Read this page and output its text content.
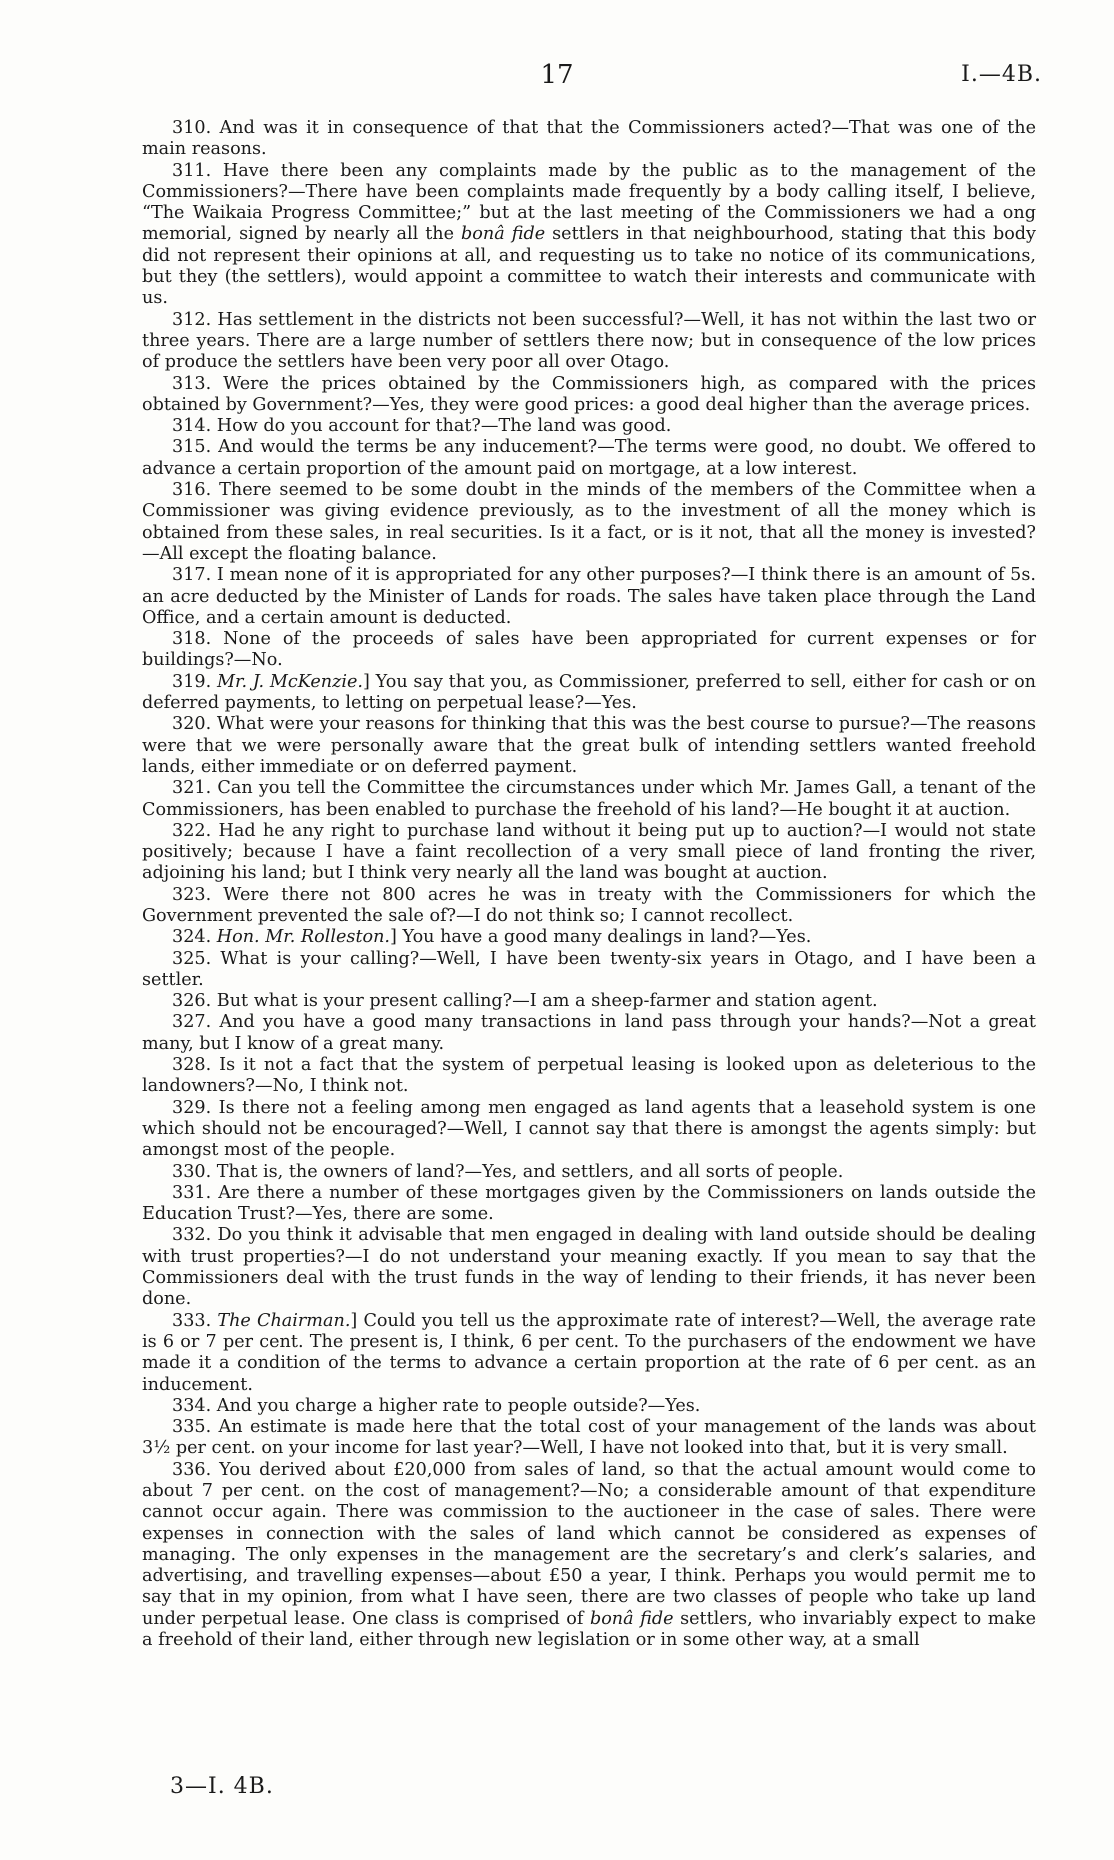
17	I.—4B.

310. And was it in consequence of that that the Commissioners acted?—That was one of the main reasons.

311. Have there been any complaints made by the public as to the management of the Commissioners?—There have been complaints made frequently by a body calling itself, I believe, “The Waikaia Progress Committee;” but at the last meeting of the Commissioners we had a ong memorial, signed by nearly all the bonâ fide settlers in that neighbourhood, stating that this body did not represent their opinions at all, and requesting us to take no notice of its communications, but they (the settlers), would appoint a committee to watch their interests and communicate with us.

312. Has settlement in the districts not been successful?—Well, it has not within the last two or three years. There are a large number of settlers there now; but in consequence of the low prices of produce the settlers have been very poor all over Otago.

313. Were the prices obtained by the Commissioners high, as compared with the prices obtained by Government?—Yes, they were good prices: a good deal higher than the average prices.

314. How do you account for that?—The land was good.

315. And would the terms be any inducement?—The terms were good, no doubt. We offered to advance a certain proportion of the amount paid on mortgage, at a low interest.

316. There seemed to be some doubt in the minds of the members of the Committee when a Commissioner was giving evidence previously, as to the investment of all the money which is obtained from these sales, in real securities. Is it a fact, or is it not, that all the money is invested?—All except the floating balance.

317. I mean none of it is appropriated for any other purposes?—I think there is an amount of 5s. an acre deducted by the Minister of Lands for roads. The sales have taken place through the Land Office, and a certain amount is deducted.

318. None of the proceeds of sales have been appropriated for current expenses or for buildings?—No.

319. Mr. J. McKenzie.] You say that you, as Commissioner, preferred to sell, either for cash or on deferred payments, to letting on perpetual lease?—Yes.

320. What were your reasons for thinking that this was the best course to pursue?—The reasons were that we were personally aware that the great bulk of intending settlers wanted freehold lands, either immediate or on deferred payment.

321. Can you tell the Committee the circumstances under which Mr. James Gall, a tenant of the Commissioners, has been enabled to purchase the freehold of his land?—He bought it at auction.

322. Had he any right to purchase land without it being put up to auction?—I would not state positively; because I have a faint recollection of a very small piece of land fronting the river, adjoining his land; but I think very nearly all the land was bought at auction.

323. Were there not 800 acres he was in treaty with the Commissioners for which the Government prevented the sale of?—I do not think so; I cannot recollect.

324. Hon. Mr. Rolleston.] You have a good many dealings in land?—Yes.

325. What is your calling?—Well, I have been twenty-six years in Otago, and I have been a settler.

326. But what is your present calling?—I am a sheep-farmer and station agent.

327. And you have a good many transactions in land pass through your hands?—Not a great many, but I know of a great many.

328. Is it not a fact that the system of perpetual leasing is looked upon as deleterious to the landowners?—No, I think not.

329. Is there not a feeling among men engaged as land agents that a leasehold system is one which should not be encouraged?—Well, I cannot say that there is amongst the agents simply: but amongst most of the people.

330. That is, the owners of land?—Yes, and settlers, and all sorts of people.

331. Are there a number of these mortgages given by the Commissioners on lands outside the Education Trust?—Yes, there are some.

332. Do you think it advisable that men engaged in dealing with land outside should be dealing with trust properties?—I do not understand your meaning exactly. If you mean to say that the Commissioners deal with the trust funds in the way of lending to their friends, it has never been done.

333. The Chairman.] Could you tell us the approximate rate of interest?—Well, the average rate is 6 or 7 per cent. The present is, I think, 6 per cent. To the purchasers of the endowment we have made it a condition of the terms to advance a certain proportion at the rate of 6 per cent. as an inducement.

334. And you charge a higher rate to people outside?—Yes.

335. An estimate is made here that the total cost of your management of the lands was about 3½ per cent. on your income for last year?—Well, I have not looked into that, but it is very small.

336. You derived about £20,000 from sales of land, so that the actual amount would come to about 7 per cent. on the cost of management?—No; a considerable amount of that expenditure cannot occur again. There was commission to the auctioneer in the case of sales. There were expenses in connection with the sales of land which cannot be considered as expenses of managing. The only expenses in the management are the secretary’s and clerk’s salaries, and advertising, and travelling expenses—about £50 a year, I think. Perhaps you would permit me to say that in my opinion, from what I have seen, there are two classes of people who take up land under perpetual lease. One class is comprised of bonâ fide settlers, who invariably expect to make a freehold of their land, either through new legislation or in some other way, at a small

3—I. 4B.
